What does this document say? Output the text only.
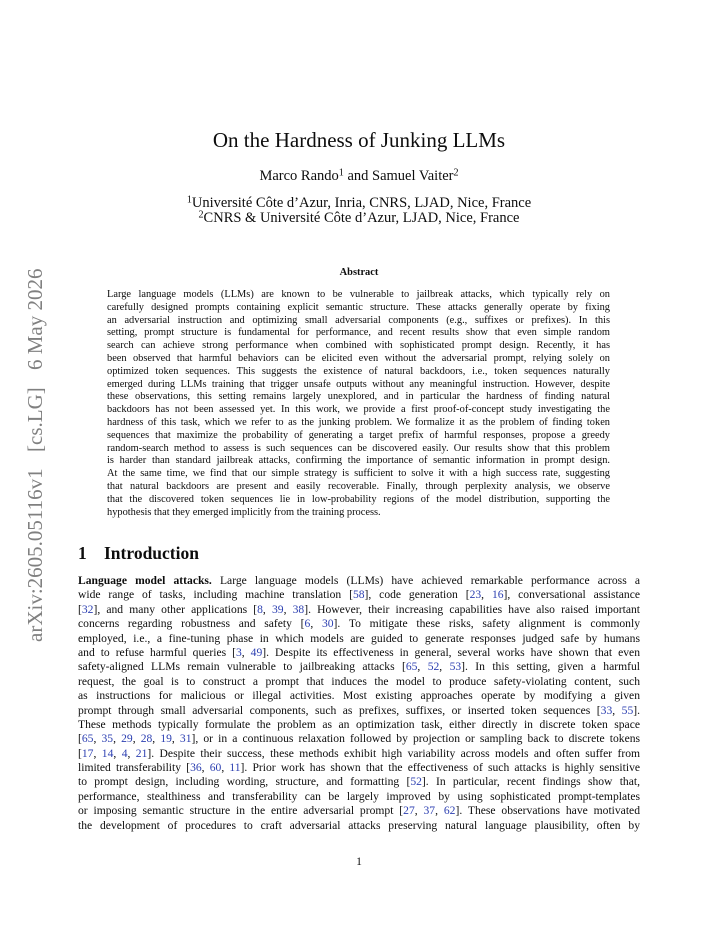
arXiv:2605.05116v1[cs.LG]6 May 2026
On the Hardness of Junking LLMs
Marco Rando$^1$ and Samuel Vaiter$^2$
$^1$Université Côte d’Azur, Inria, CNRS, LJAD, Nice, France
$^2$CNRS & Université Côte d’Azur, LJAD, Nice, France
Abstract
Large language models (LLMs) are known to be vulnerable to jailbreak attacks, which typically rely on
carefully designed prompts containing explicit semantic structure. These attacks generally operate by fixing
an adversarial instruction and optimizing small adversarial components (e.g., suffixes or prefixes). In this
setting, prompt structure is fundamental for performance, and recent results show that even simple random
search can achieve strong performance when combined with sophisticated prompt design. Recently, it has
been observed that harmful behaviors can be elicited even without the adversarial prompt, relying solely on
optimized token sequences. This suggests the existence of natural backdoors, i.e., token sequences naturally
emerged during LLMs training that trigger unsafe outputs without any meaningful instruction. However, despite
these observations, this setting remains largely unexplored, and in particular the hardness of finding natural
backdoors has not been assessed yet. In this work, we provide a first proof-of-concept study investigating the
hardness of this task, which we refer to as the junking problem. We formalize it as the problem of finding token
sequences that maximize the probability of generating a target prefix of harmful responses, propose a greedy
random-search method to assess is such sequences can be discovered easily. Our results show that this problem
is harder than standard jailbreak attacks, confirming the importance of semantic information in prompt design.
At the same time, we find that our simple strategy is sufficient to solve it with a high success rate, suggesting
that natural backdoors are present and easily recoverable. Finally, through perplexity analysis, we observe
that the discovered token sequences lie in low-probability regions of the model distribution, supporting the
hypothesis that they emerged implicitly from the training process.
1 Introduction
Language model attacks. Large language models (LLMs) have achieved remarkable performance across a
wide range of tasks, including machine translation [58], code generation [23, 16], conversational assistance
[32], and many other applications [8, 39, 38]. However, their increasing capabilities have also raised important
concerns regarding robustness and safety [6, 30]. To mitigate these risks, safety alignment is commonly
employed, i.e., a fine-tuning phase in which models are guided to generate responses judged safe by humans
and to refuse harmful queries [3, 49]. Despite its effectiveness in general, several works have shown that even
safety-aligned LLMs remain vulnerable to jailbreaking attacks [65, 52, 53]. In this setting, given a harmful
request, the goal is to construct a prompt that induces the model to produce safety-violating content, such
as instructions for malicious or illegal activities. Most existing approaches operate by modifying a given
prompt through small adversarial components, such as prefixes, suffixes, or inserted token sequences [33, 55].
These methods typically formulate the problem as an optimization task, either directly in discrete token space
[65, 35, 29, 28, 19, 31], or in a continuous relaxation followed by projection or sampling back to discrete tokens
[17, 14, 4, 21]. Despite their success, these methods exhibit high variability across models and often suffer from
limited transferability [36, 60, 11]. Prior work has shown that the effectiveness of such attacks is highly sensitive
to prompt design, including wording, structure, and formatting [52]. In particular, recent findings show that,
performance, stealthiness and transferability can be largely improved by using sophisticated prompt-templates
or imposing semantic structure in the entire adversarial prompt [27, 37, 62]. These observations have motivated
the development of procedures to craft adversarial attacks preserving natural language plausibility, often by
1
